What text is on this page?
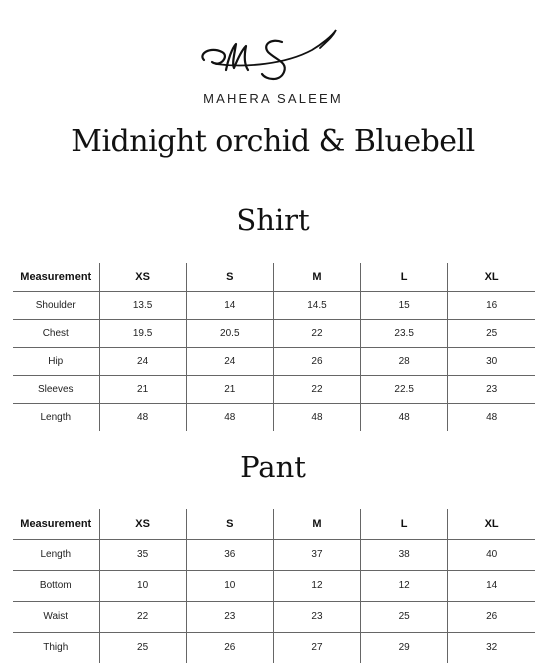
MAHERA SALEEM
Midnight orchid & Bluebell
Shirt
Measurement	XS	S	M	L	XL
Shoulder	13.5	14	14.5	15	16
Chest	19.5	20.5	22	23.5	25
Hip	24	24	26	28	30
Sleeves	21	21	22	22.5	23
Length	48	48	48	48	48
Pant
Measurement	XS	S	M	L	XL
Length	35	36	37	38	40
Bottom	10	10	12	12	14
Waist	22	23	23	25	26
Thigh	25	26	27	29	32
